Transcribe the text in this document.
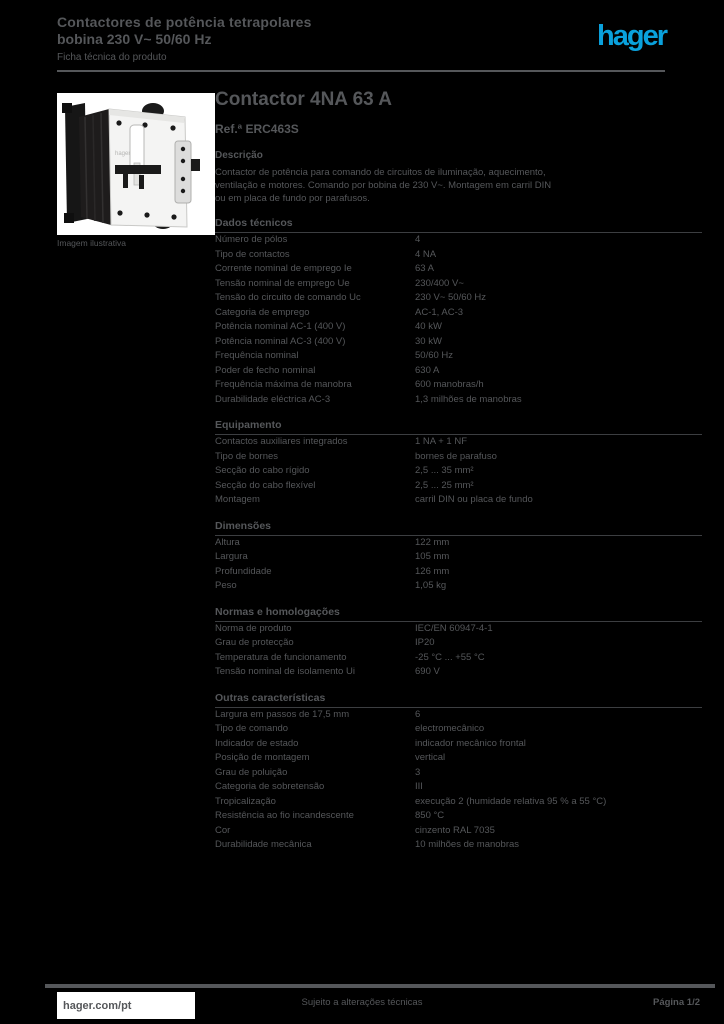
Contactores de potência tetrapolares
bobina 230 V~ 50/60 Hz
Ficha técnica do produto
hager
hager
Imagem ilustrativa
Contactor 4NA 63 A
Ref.ª ERC463S
Descrição
Contactor de potência para comando de circuitos de iluminação, aquecimento,
ventilação e motores. Comando por bobina de 230 V~. Montagem em carril DIN
ou em placa de fundo por parafusos.
Dados técnicos
Número de pólos	4
Tipo de contactos	4 NA
Corrente nominal de emprego Ie	63 A
Tensão nominal de emprego Ue	230/400 V~
Tensão do circuito de comando Uc	230 V~ 50/60 Hz
Categoria de emprego	AC-1, AC-3
Potência nominal AC-1 (400 V)	40 kW
Potência nominal AC-3 (400 V)	30 kW
Frequência nominal	50/60 Hz
Poder de fecho nominal	630 A
Frequência máxima de manobra	600 manobras/h
Durabilidade eléctrica AC-3	1,3 milhões de manobras
Equipamento
Contactos auxiliares integrados	1 NA + 1 NF
Tipo de bornes	bornes de parafuso
Secção do cabo rígido	2,5 ... 35 mm²
Secção do cabo flexível	2,5 ... 25 mm²
Montagem	carril DIN ou placa de fundo
Dimensões
Altura	122 mm
Largura	105 mm
Profundidade	126 mm
Peso	1,05 kg
Normas e homologações
Norma de produto	IEC/EN 60947-4-1
Grau de protecção	IP20
Temperatura de funcionamento	-25 °C ... +55 °C
Tensão nominal de isolamento Ui	690 V
Outras características
Largura em passos de 17,5 mm	6
Tipo de comando	electromecânico
Indicador de estado	indicador mecânico frontal
Posição de montagem	vertical
Grau de poluição	3
Categoria de sobretensão	III
Tropicalização	execução 2 (humidade relativa 95 % a 55 °C)
Resistência ao fio incandescente	850 °C
Cor	cinzento RAL 7035
Durabilidade mecânica	10 milhões de manobras
hager.com/pt	Sujeito a alterações técnicas	Página 1/2
